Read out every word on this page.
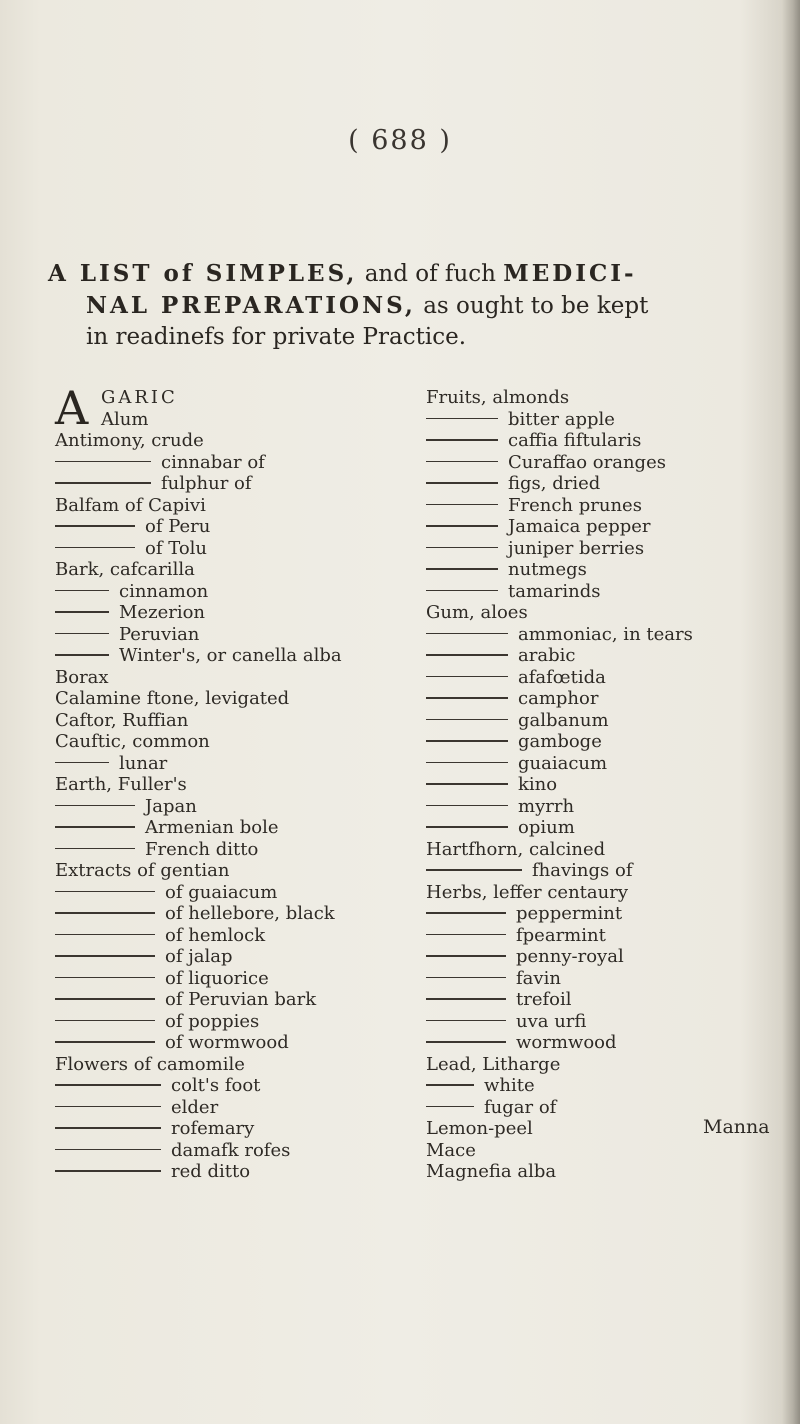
( 688 )
A LIST of SIMPLES, and of fuch MEDICI-
NAL PREPARATIONS, as ought to be kept
in readinefs for private Practice.
A GARIC
Alum
Antimony, crude
cinnabar of
fulphur of
Balfam of Capivi
of Peru
of Tolu
Bark, cafcarilla
cinnamon
Mezerion
Peruvian
Winter's, or canella alba
Borax
Calamine ftone, levigated
Caftor, Ruffian
Cauftic, common
lunar
Earth, Fuller's
Japan
Armenian bole
French ditto
Extracts of gentian
of guaiacum
of hellebore, black
of hemlock
of jalap
of liquorice
of Peruvian bark
of poppies
of wormwood
Flowers of camomile
colt's foot
elder
rofemary
damafk rofes
red ditto
Fruits, almonds
bitter apple
caffia fiftularis
Curaffao oranges
figs, dried
French prunes
Jamaica pepper
juniper berries
nutmegs
tamarinds
Gum, aloes
ammoniac, in tears
arabic
afafœtida
camphor
galbanum
gamboge
guaiacum
kino
myrrh
opium
Hartfhorn, calcined
fhavings of
Herbs, leffer centaury
peppermint
fpearmint
penny-royal
favin
trefoil
uva urfi
wormwood
Lead, Litharge
white
fugar of
Lemon-peel
Mace
Magnefia alba
Manna
